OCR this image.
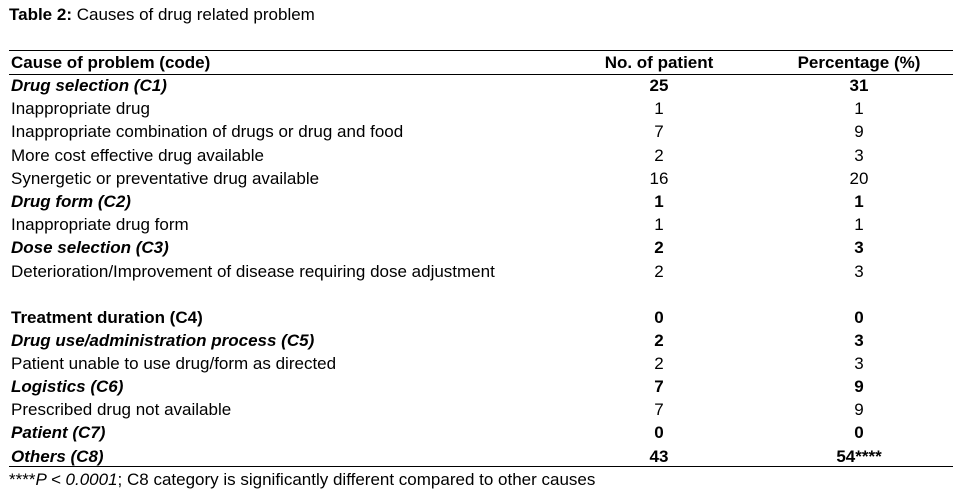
Table 2: Causes of drug related problem
Cause of problem (code)	No. of patient	Percentage (%)
Drug selection (C1)	25	31
Inappropriate drug	1	1
Inappropriate combination of drugs or drug and food	7	9
More cost effective drug available	2	3
Synergetic or preventative drug available	16	20
Drug form (C2)	1	1
Inappropriate drug form	1	1
Dose selection (C3)	2	3
Deterioration/Improvement of disease requiring dose adjustment	2	3
Treatment duration (C4)	0	0
Drug use/administration process (C5)	2	3
Patient unable to use drug/form as directed	2	3
Logistics (C6)	7	9
Prescribed drug not available	7	9
Patient (C7)	0	0
Others (C8)	43	54****
****P < 0.0001; C8 category is significantly different compared to other causes
